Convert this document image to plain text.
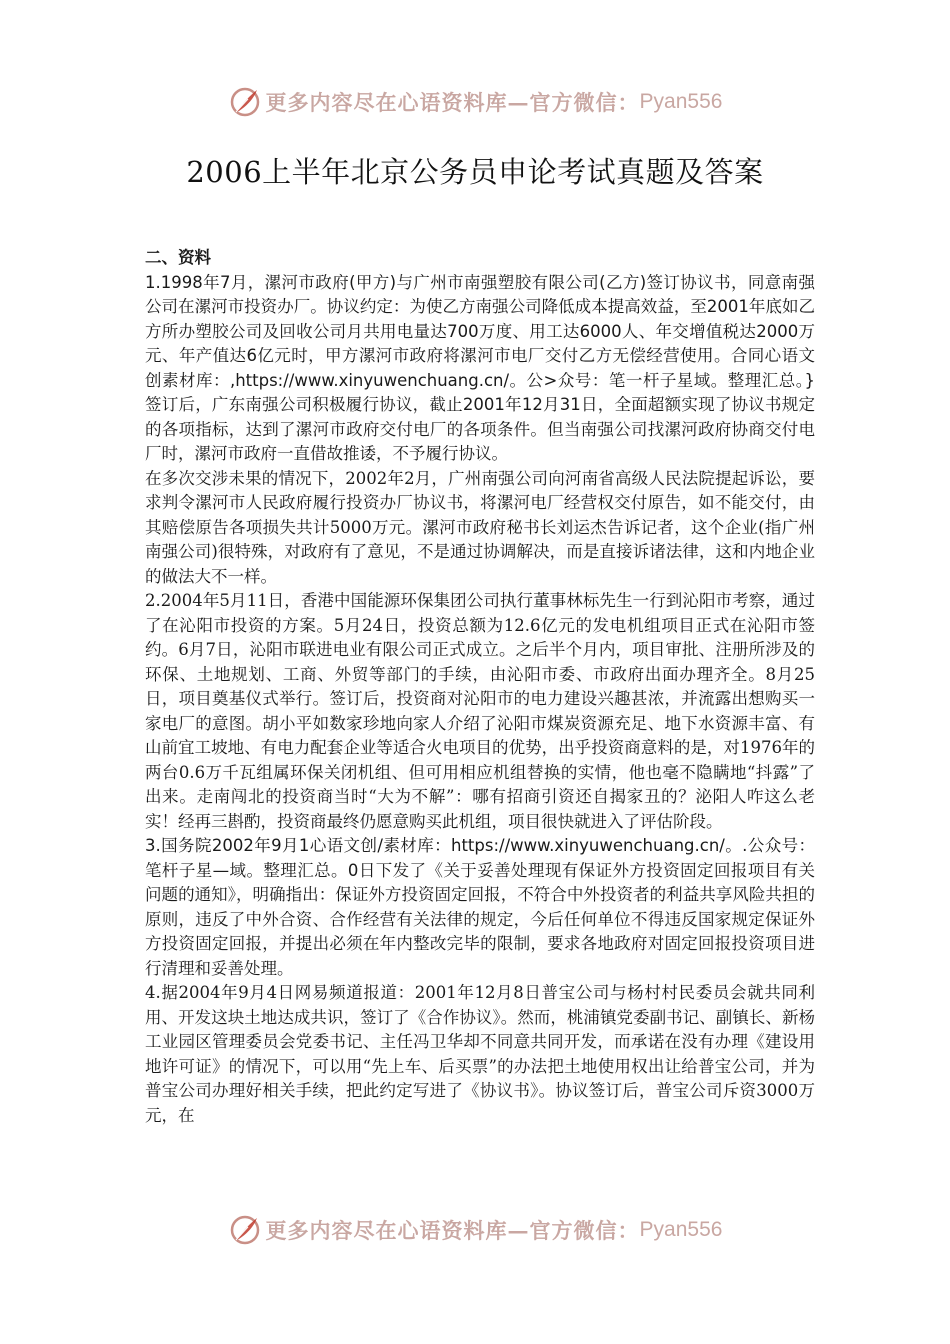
更多内容尽在心语资料库—官方微信： Pyan556
2006上半年北京公务员申论考试真题及答案

二、资料

1.1998年7月，漯河市政府(甲方)与广州市南强塑胶有限公司(乙方)签订协议书，同意南强公司在漯河市投资办厂。协议约定：为使乙方南强公司降低成本提高效益，至2001年底如乙方所办塑胶公司及回收公司月共用电量达700万度、用工达6000人、年交增值税达2000万元、年产值达6亿元时，甲方漯河市政府将漯河市电厂交付乙方无偿经营使用。合同心语文创素材库：,https://www.xinyuwenchuang.cn/。公>众号：笔一杆子星域。整理汇总。}签订后，广东南强公司积极履行协议，截止2001年12月31日，全面超额实现了协议书规定的各项指标，达到了漯河市政府交付电厂的各项条件。但当南强公司找漯河政府协商交付电厂时，漯河市政府一直借故推诿，不予履行协议。

在多次交涉未果的情况下，2002年2月，广州南强公司向河南省高级人民法院提起诉讼，要求判令漯河市人民政府履行投资办厂协议书，将漯河电厂经营权交付原告，如不能交付，由其赔偿原告各项损失共计5000万元。漯河市政府秘书长刘运杰告诉记者，这个企业(指广州南强公司)很特殊，对政府有了意见，不是通过协调解决，而是直接诉诸法律，这和内地企业的做法大不一样。

2.2004年5月11日，香港中国能源环保集团公司执行董事林标先生一行到沁阳市考察，通过了在沁阳市投资的方案。5月24日，投资总额为12.6亿元的发电机组项目正式在沁阳市签约。6月7日，沁阳市联进电业有限公司正式成立。之后半个月内，项目审批、注册所涉及的环保、土地规划、工商、外贸等部门的手续，由沁阳市委、市政府出面办理齐全。8月25日，项目奠基仪式举行。签订后，投资商对沁阳市的电力建设兴趣甚浓，并流露出想购买一家电厂的意图。胡小平如数家珍地向家人介绍了沁阳市煤炭资源充足、地下水资源丰富、有山前宜工坡地、有电力配套企业等适合火电项目的优势，出乎投资商意料的是，对1976年的两台0.6万千瓦组属环保关闭机组、但可用相应机组替换的实情，他也毫不隐瞒地“抖露”了出来。走南闯北的投资商当时“大为不解”：哪有招商引资还自揭家丑的？泌阳人咋这么老实！经再三斟酌，投资商最终仍愿意购买此机组，项目很快就进入了评估阶段。

3.国务院2002年9月1心语文创/素材库：https://www.xinyuwenchuang.cn/。.公众号：笔杆子星—域。整理汇总。0日下发了《关于妥善处理现有保证外方投资固定回报项目有关问题的通知》，明确指出：保证外方投资固定回报，不符合中外投资者的利益共享风险共担的原则，违反了中外合资、合作经营有关法律的规定，今后任何单位不得违反国家规定保证外方投资固定回报，并提出必须在年内整改完毕的限制，要求各地政府对固定回报投资项目进行清理和妥善处理。

4.据2004年9月4日网易频道报道：2001年12月8日普宝公司与杨村村民委员会就共同利用、开发这块土地达成共识，签订了《合作协议》。然而，桃浦镇党委副书记、副镇长、新杨工业园区管理委员会党委书记、主任冯卫华却不同意共同开发，而承诺在没有办理《建设用地许可证》的情况下，可以用“先上车、后买票”的办法把土地使用权出让给普宝公司，并为普宝公司办理好相关手续，把此约定写进了《协议书》。协议签订后，普宝公司斥资3000万元，在

更多内容尽在心语资料库—官方微信： Pyan556
